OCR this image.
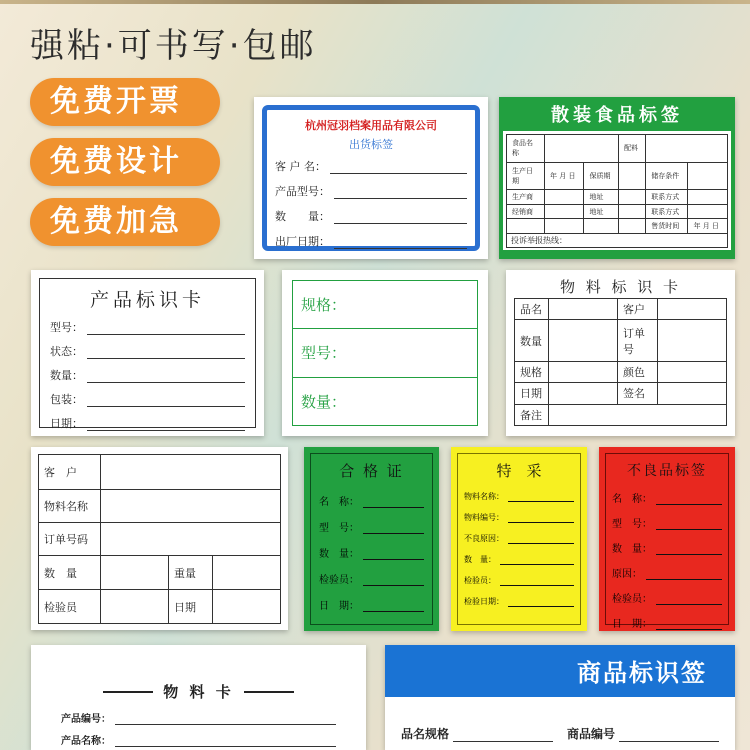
强粘·可书写·包邮
免费开票
免费设计
免费加急
杭州冠羽档案用品有限公司
出货标签
客 户 名：
产品型号：
数　　量：
出厂日期：
散装食品标签
食品名称			配料		
生产日期	年 月 日	保质期		储存条件	
生产商		地址		联系方式	
经销商		地址		联系方式	
				售货时间	年 月 日
投诉举报热线：
产品标识卡
型号：
状态：
数量：
包装：
日期：
规格：
型号：
数量：
物 料 标 识 卡
品名		客户	
数量		订单号	
规格		颜色	
日期		签名	
备注			
客　户			
物料名称			
订单号码			
数　量		重量	
检验员		日期	
合 格 证
名　称：
型　号：
数　量：
检验员：
日　期：
特　采
物料名称：
物料编号：
不良原因：
数　量：
检验员：
检验日期：
不良品标签
名　称：
型　号：
数　量：
原因：
检验员：
日　期：
物 料 卡
产品编号：
产品名称：
商品标识签
品名规格	商品编号
